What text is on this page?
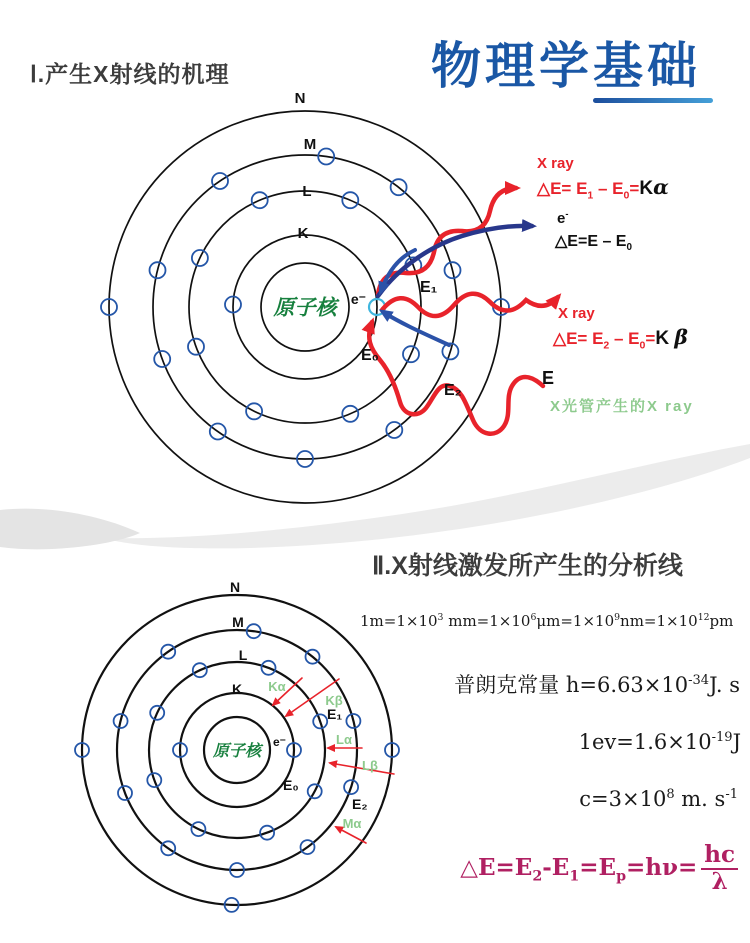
物理学基础
Ⅰ.产生X射线的机理
Ⅱ.X射线激发所产生的分析线
原子核
K
L
M
N
e⁻
E₁
E₀
E₂
原子核
K
L
M
N
e⁻
E₁
E₀
E₂
Kα
Kβ
Lα
Lβ
Mα
X ray
△E= $E_1 - E_0=K\alpha$
e-
△E=E – $E_0$
X ray
△E= $E_2 - E_0=K$ β
E
X光管产生的X ray
$1m=1\times 10^3$ $mm=1\times 10^6\mu m=1\times 10^9nm=1\times 10^{12}pm$
普朗克常量 $h=6.63\times 10^{-34}J$. s
$1ev=1.6\times 10^{-19}J$
$c=3\times 10^8$ m. $s^{-1}$
$\triangle E=E_2-E_1=E_p=h\nu= \frac{hc}{\lambda}$
